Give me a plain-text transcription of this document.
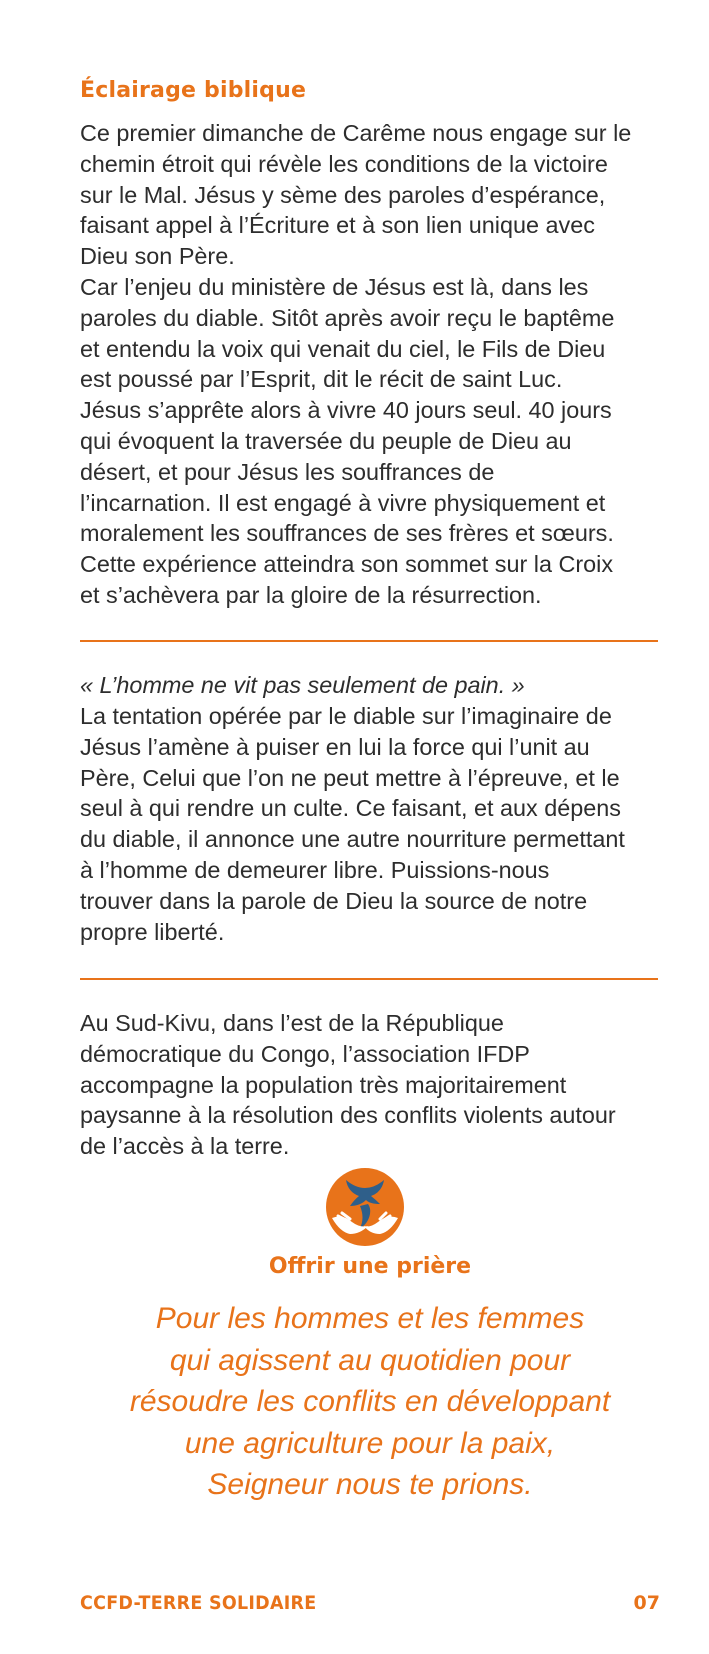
Éclairage biblique
Ce premier dimanche de Carême nous engage sur le
chemin étroit qui révèle les conditions de la victoire
sur le Mal. Jésus y sème des paroles d’espérance,
faisant appel à l’Écriture et à son lien unique avec
Dieu son Père.
Car l’enjeu du ministère de Jésus est là, dans les
paroles du diable. Sitôt après avoir reçu le baptême
et entendu la voix qui venait du ciel, le Fils de Dieu
est poussé par l’Esprit, dit le récit de saint Luc.
Jésus s’apprête alors à vivre 40 jours seul. 40 jours
qui évoquent la traversée du peuple de Dieu au
désert, et pour Jésus les souffrances de
l’incarnation. Il est engagé à vivre physiquement et
moralement les souffrances de ses frères et sœurs.
Cette expérience atteindra son sommet sur la Croix
et s’achèvera par la gloire de la résurrection.
« L’homme ne vit pas seulement de pain. »
La tentation opérée par le diable sur l’imaginaire de
Jésus l’amène à puiser en lui la force qui l’unit au
Père, Celui que l’on ne peut mettre à l’épreuve, et le
seul à qui rendre un culte. Ce faisant, et aux dépens
du diable, il annonce une autre nourriture permettant
à l’homme de demeurer libre. Puissions-nous
trouver dans la parole de Dieu la source de notre
propre liberté.
Au Sud-Kivu, dans l’est de la République
démocratique du Congo, l’association IFDP
accompagne la population très majoritairement
paysanne à la résolution des conflits violents autour
de l’accès à la terre.
Offrir une prière
Pour les hommes et les femmes
qui agissent au quotidien pour
résoudre les conflits en développant
une agriculture pour la paix,
Seigneur nous te prions.
CCFD-TERRE SOLIDAIRE	07
